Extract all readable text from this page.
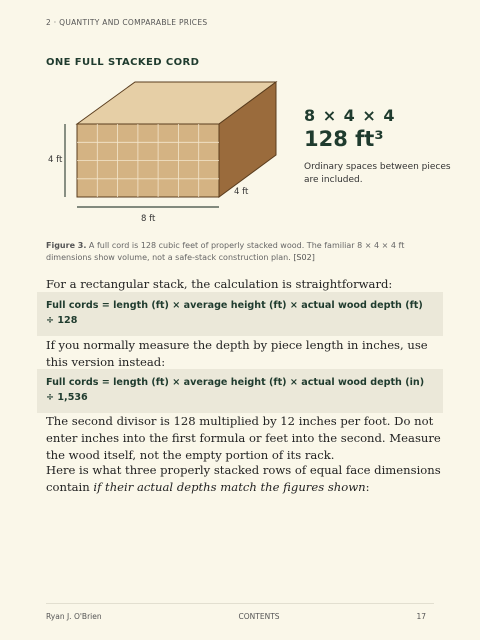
2 · QUANTITY AND COMPARABLE PRICES
ONE FULL STACKED CORD
4 ft
4 ft
8 ft
8 × 4 × 4
128 ft³
Ordinary spaces between pieces are included.
Figure 3. A full cord is 128 cubic feet of properly stacked wood. The familiar 8 × 4 × 4 ft dimensions show volume, not a safe-stack construction plan. [S02]
For a rectangular stack, the calculation is straightforward:
Full cords = length (ft) × average height (ft) × actual wood depth (ft) ÷ 128
If you normally measure the depth by piece length in inches, use this version instead:
Full cords = length (ft) × average height (ft) × actual wood depth (in) ÷ 1,536
The second divisor is 128 multiplied by 12 inches per foot. Do not enter inches into the first formula or feet into the second. Measure the wood itself, not the empty portion of its rack.
Here is what three properly stacked rows of equal face dimensions contain if their actual depths match the figures shown:
Ryan J. O'Brien	CONTENTS	17
